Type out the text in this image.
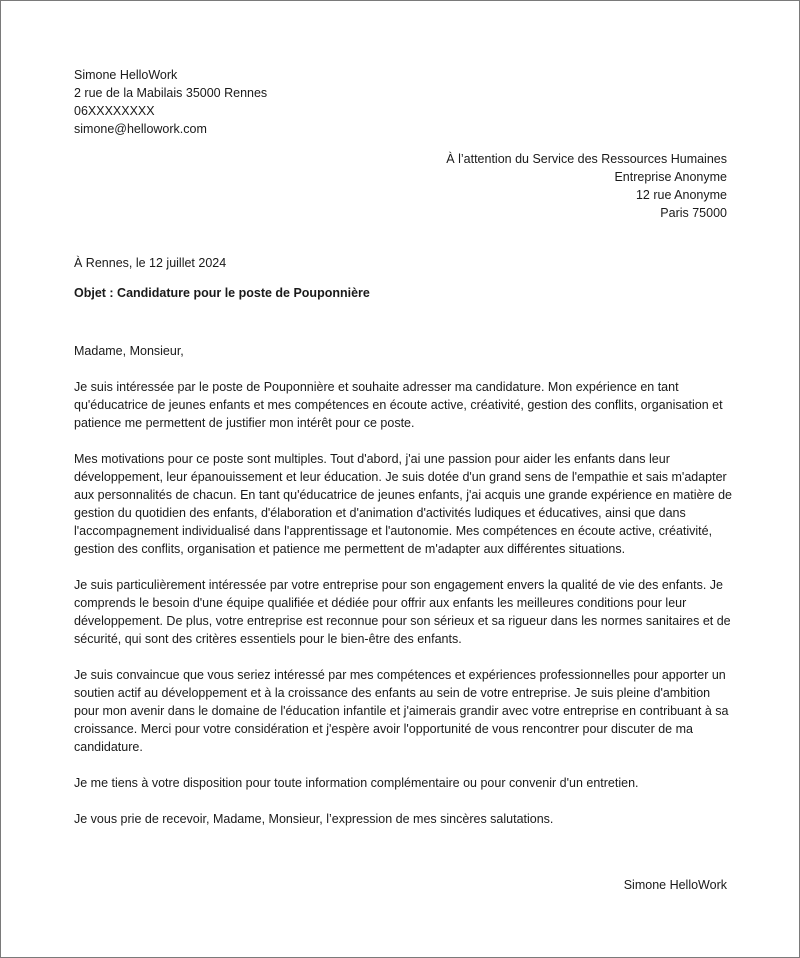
Simone HelloWork
2 rue de la Mabilais 35000 Rennes
06XXXXXXXX
simone@hellowork.com
À l’attention du Service des Ressources Humaines
Entreprise Anonyme
12 rue Anonyme
Paris 75000
À Rennes, le 12 juillet 2024
Objet : Candidature pour le poste de Pouponnière

Madame, Monsieur,

Je suis intéressée par le poste de Pouponnière et souhaite adresser ma candidature. Mon expérience en tant qu'éducatrice de jeunes enfants et mes compétences en écoute active, créativité, gestion des conflits, organisation et patience me permettent de justifier mon intérêt pour ce poste.

Mes motivations pour ce poste sont multiples. Tout d'abord, j'ai une passion pour aider les enfants dans leur développement, leur épanouissement et leur éducation. Je suis dotée d'un grand sens de l'empathie et sais m'adapter aux personnalités de chacun. En tant qu'éducatrice de jeunes enfants, j'ai acquis une grande expérience en matière de gestion du quotidien des enfants, d'élaboration et d'animation d'activités ludiques et éducatives, ainsi que dans l'accompagnement individualisé dans l'apprentissage et l'autonomie. Mes compétences en écoute active, créativité, gestion des conflits, organisation et patience me permettent de m'adapter aux différentes situations.

Je suis particulièrement intéressée par votre entreprise pour son engagement envers la qualité de vie des enfants. Je comprends le besoin d'une équipe qualifiée et dédiée pour offrir aux enfants les meilleures conditions pour leur développement. De plus, votre entreprise est reconnue pour son sérieux et sa rigueur dans les normes sanitaires et de sécurité, qui sont des critères essentiels pour le bien-être des enfants.

Je suis convaincue que vous seriez intéressé par mes compétences et expériences professionnelles pour apporter un soutien actif au développement et à la croissance des enfants au sein de votre entreprise. Je suis pleine d'ambition pour mon avenir dans le domaine de l'éducation infantile et j'aimerais grandir avec votre entreprise en contribuant à sa croissance. Merci pour votre considération et j'espère avoir l'opportunité de vous rencontrer pour discuter de ma candidature.

Je me tiens à votre disposition pour toute information complémentaire ou pour convenir d'un entretien.

Je vous prie de recevoir, Madame, Monsieur, l’expression de mes sincères salutations.

Simone HelloWork
